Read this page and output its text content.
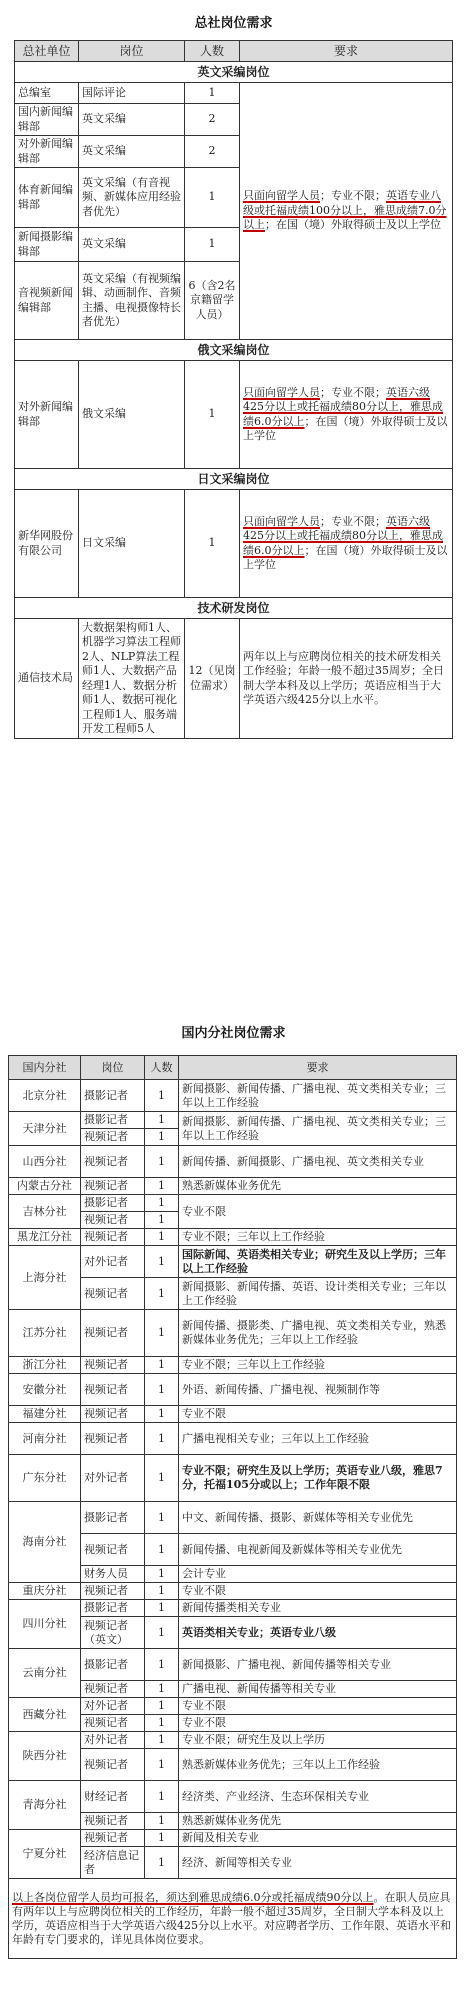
总社岗位需求
总社单位	岗位	人数	要求
英文采编岗位			
总编室	国际评论	1	只面向留学人员；专业不限；英语专业八级或托福成绩100分以上，雅思成绩7.0分以上；在国（境）外取得硕士及以上学位
国内新闻编辑部	英文采编	2	
对外新闻编辑部	英文采编	2	
体育新闻编辑部	英文采编（有音视频、新媒体应用经验者优先）	1	
新闻摄影编辑部	英文采编	1	
音视频新闻编辑部	英文采编（有视频编辑、动画制作、音频主播、电视摄像特长者优先）	6（含2名京籍留学人员）	
俄文采编岗位			
对外新闻编辑部	俄文采编	1	只面向留学人员；专业不限；英语六级425分以上或托福成绩80分以上，雅思成绩6.0分以上；在国（境）外取得硕士及以上学位
日文采编岗位			
新华网股份有限公司	日文采编	1	只面向留学人员；专业不限；英语六级425分以上或托福成绩80分以上，雅思成绩6.0分以上；在国（境）外取得硕士及以上学位
技术研发岗位			
通信技术局	大数据架构师1人、机器学习算法工程师2人、NLP算法工程师1人、大数据产品经理1人、数据分析师1人、数据可视化工程师1人、服务端开发工程师5人	12（见岗位需求）	两年以上与应聘岗位相关的技术研发相关工作经验；年龄一般不超过35周岁；全日制大学本科及以上学历；英语应相当于大学英语六级425分以上水平。
国内分社岗位需求
国内分社	岗位	人数	要求
北京分社	摄影记者	1	新闻摄影、新闻传播、广播电视、英文类相关专业；三年以上工作经验
天津分社	摄影记者	1	新闻摄影、新闻传播、广播电视、英文类相关专业；三年以上工作经验
	视频记者	1	
山西分社	视频记者	1	新闻传播、新闻摄影、广播电视、英文类相关专业
内蒙古分社	视频记者	1	熟悉新媒体业务优先
吉林分社	摄影记者	1	专业不限
	视频记者	1	
黑龙江分社	视频记者	1	专业不限；三年以上工作经验
上海分社	对外记者	1	国际新闻、英语类相关专业；研究生及以上学历；三年以上工作经验
	视频记者	1	新闻摄影、新闻传播、英语、设计类相关专业；三年以上工作经验
江苏分社	视频记者	1	新闻传播、摄影类、广播电视、英文类相关专业，熟悉新媒体业务优先；三年以上工作经验
浙江分社	视频记者	1	专业不限；三年以上工作经验
安徽分社	视频记者	1	外语、新闻传播、广播电视、视频制作等
福建分社	视频记者	1	专业不限
河南分社	视频记者	1	广播电视相关专业；三年以上工作经验
广东分社	对外记者	1	专业不限；研究生及以上学历；英语专业八级，雅思7分，托福105分或以上；工作年限不限
海南分社	摄影记者	1	中文、新闻传播、摄影、新媒体等相关专业优先
	视频记者	1	新闻传播、电视新闻及新媒体等相关专业优先
	财务人员	1	会计专业
重庆分社	视频记者	1	专业不限
四川分社	摄影记者	1	新闻传播类相关专业
	视频记者（英文）	1	英语类相关专业；英语专业八级
云南分社	摄影记者	1	新闻摄影、广播电视、新闻传播等相关专业
	视频记者	1	广播电视、新闻传播等相关专业
西藏分社	对外记者	1	专业不限
	视频记者	1	专业不限
陕西分社	对外记者	1	专业不限；研究生及以上学历
	视频记者	1	熟悉新媒体业务优先；三年以上工作经验
青海分社	财经记者	1	经济类、产业经济、生态环保相关专业
	视频记者	1	熟悉新媒体业务优先
宁夏分社	视频记者	1	新闻及相关专业
	经济信息记者	1	经济、新闻等相关专业
以上各岗位留学人员均可报名，须达到雅思成绩6.0分或托福成绩90分以上。在职人员应具有两年以上与应聘岗位相关的工作经历，年龄一般不超过35周岁，全日制大学本科及以上学历，英语应相当于大学英语六级425分以上水平。对应聘者学历、工作年限、英语水平和年龄有专门要求的，详见具体岗位要求。			
